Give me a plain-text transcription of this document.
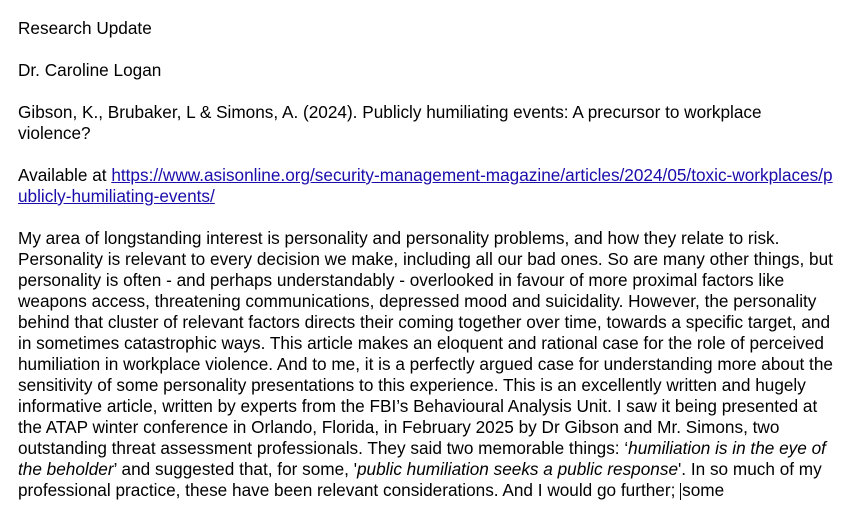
Research Update

Dr. Caroline Logan

Gibson, K., Brubaker, L & Simons, A. (2024). Publicly humiliating events: A precursor to workplace violence?

Available at https://www.asisonline.org/security-management-magazine/articles/2024/05/toxic-workplaces/publicly-humiliating-events/

My area of longstanding interest is personality and personality problems, and how they relate to risk. Personality is relevant to every decision we make, including all our bad ones. So are many other things, but personality is often - and perhaps understandably - overlooked in favour of more proximal factors like weapons access, threatening communications, depressed mood and suicidality. However, the personality behind that cluster of relevant factors directs their coming together over time, towards a specific target, and in sometimes catastrophic ways. This article makes an eloquent and rational case for the role of perceived humiliation in workplace violence. And to me, it is a perfectly argued case for understanding more about the sensitivity of some personality presentations to this experience. This is an excellently written and hugely informative article, written by experts from the FBI’s Behavioural Analysis Unit. I saw it being presented at the ATAP winter conference in Orlando, Florida, in February 2025 by Dr Gibson and Mr. Simons, two outstanding threat assessment professionals. They said two memorable things: ‘humiliation is in the eye of the beholder’ and suggested that, for some, 'public humiliation seeks a public response'. In so much of my professional practice, these have been relevant considerations. And I would go further; some
